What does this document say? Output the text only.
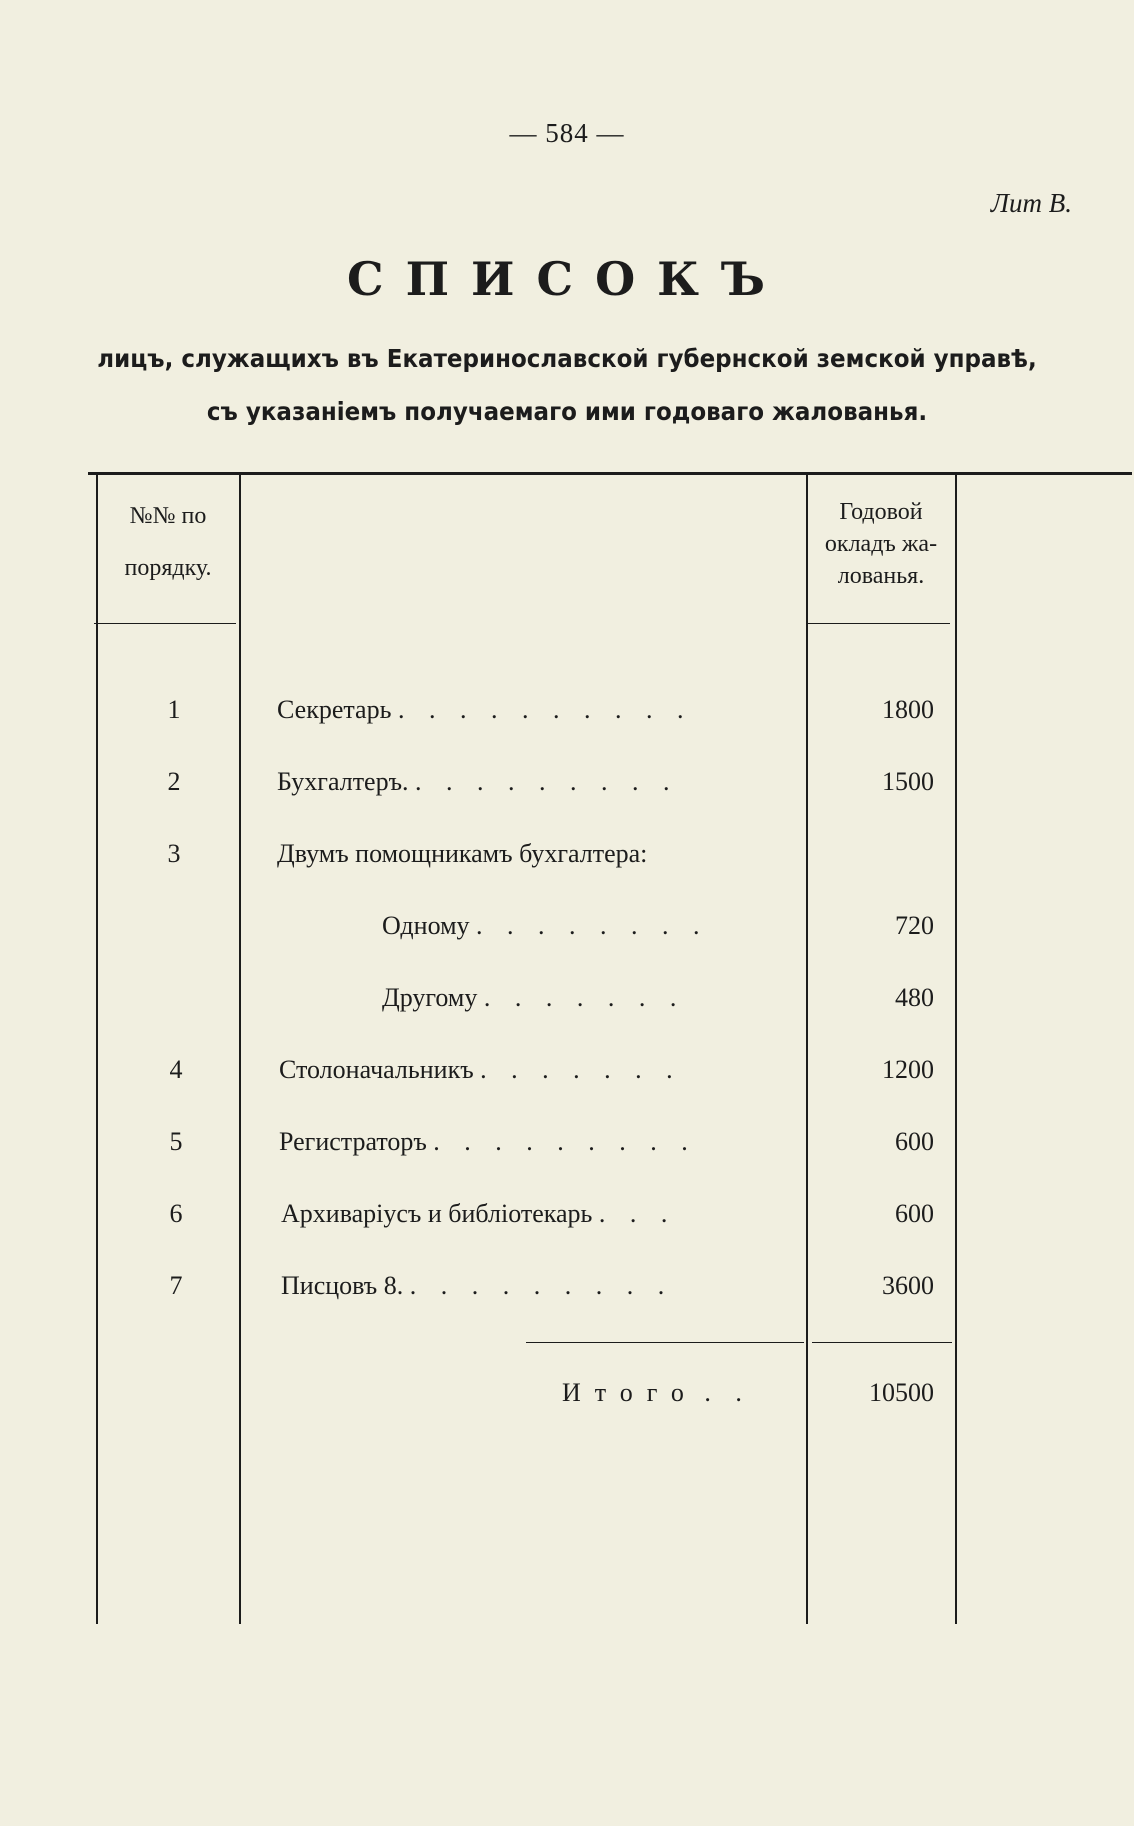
— 584 —
Лит В.
СПИСОКЪ
лицъ, служащихъ въ Екатеринославской губернской земской управѣ,
съ указаніемъ получаемаго ими годоваго жалованья.
№№ по
порядку.
Годовой
окладъ жа-
лованья.
1	Секретарь . . . . . . . . . .	1800
2	Бухгалтеръ. . . . . . . . . .	1500
3	Двумъ помощникамъ бухгалтера:
Одному . . . . . . . .	720
Другому . . . . . . .	480
4	Столоначальникъ . . . . . . .	1200
5	Регистраторъ . . . . . . . . .	600
6	Архиваріусъ и библіотекарь . . .	600
7	Писцовъ 8. . . . . . . . . .	3600
Итого . .	10500
